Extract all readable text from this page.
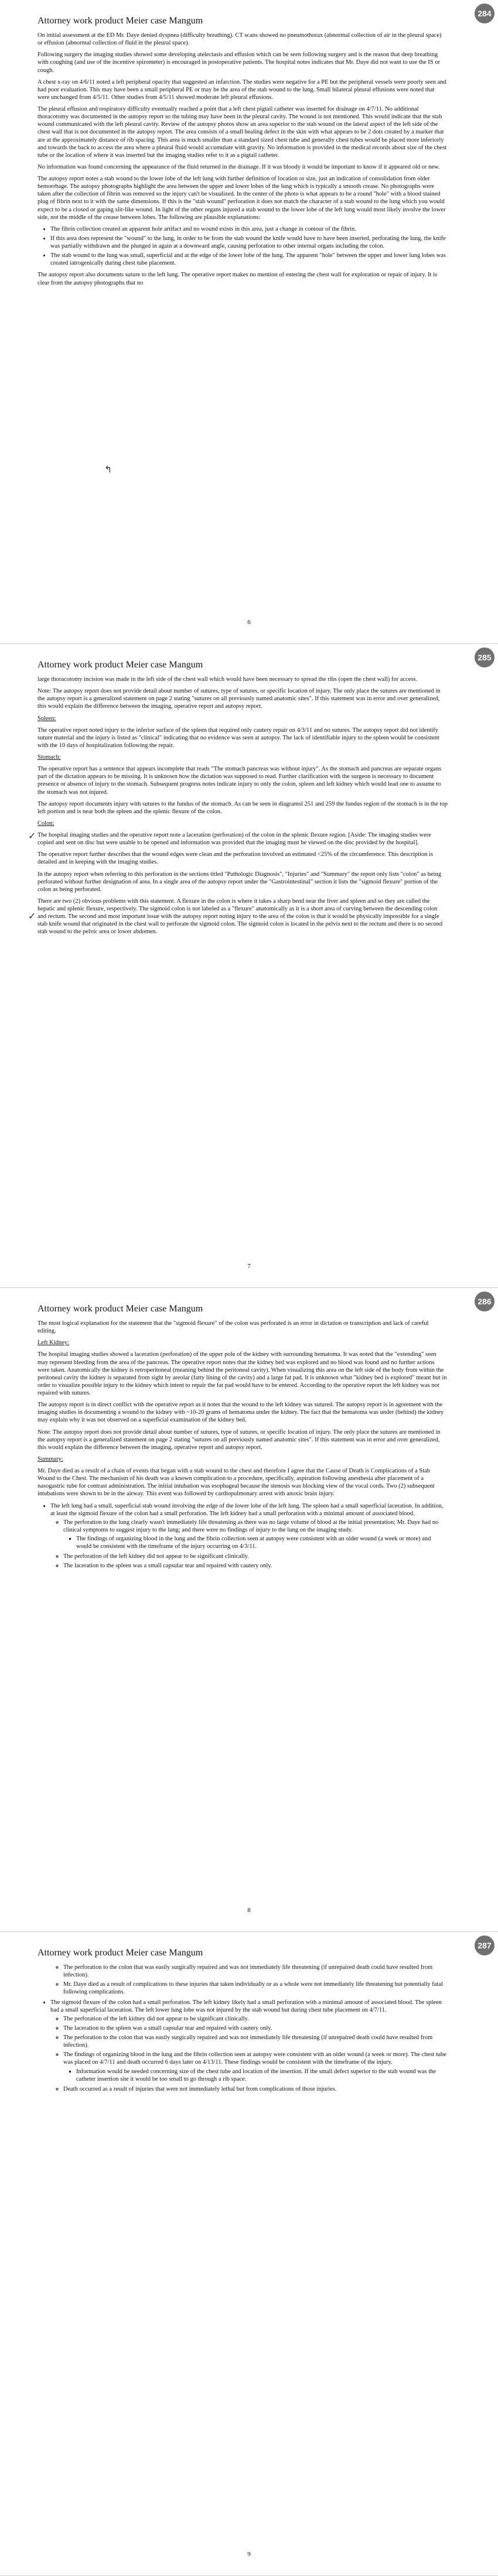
284
Attorney work product Meier case Mangum

On initial assessment at the ED Mr. Daye denied dyspnea (difficulty breathing). CT scans showed no pneumothorax (abnormal collection of air in the pleural space) or effusion (abnormal collection of fluid in the pleural space).

Following surgery the imaging studies showed some developing atelectasis and effusion which can be seen following surgery and is the reason that deep breathing with coughing (and use of the incentive spirometer) is encouraged in postoperative patients. The hospital notes indicates that Mr. Daye did not want to use the IS or cough.

A chest x-ray on 4/6/11 noted a left peripheral opacity that suggested an infarction. The studies were negative for a PE but the peripheral vessels were poorly seen and had poor evaluation. This may have been a small peripheral PE or may be the area of the stab wound to the lung. Small bilateral pleural effusions were noted that were unchanged from 4/5/11. Other studies from 4/5/11 showed moderate left pleural effusions.

The pleural effusion and respiratory difficulty eventually reached a point that a left chest pigtail catheter was inserted for drainage on 4/7/11. No additional thoracotomy was documented in the autopsy report so the tubing may have been in the pleural cavity. The wound is not mentioned. This would indicate that the stab wound communicated with the left pleural cavity. Review of the autopsy photos show an area superior to the stab wound on the lateral aspect of the left side of the chest wall that is not documented in the autopsy report. The area consists of a small healing defect in the skin with what appears to be 2 dots created by a marker that are at the approximately distance of rib spacing. This area is much smaller than a standard sized chest tube and generally chest tubes would be placed more inferiorly and towards the back to access the area where a pleural fluid would accumulate with gravity. No information is provided in the medical records about size of the chest tube or the location of where it was inserted but the imaging studies refer to it as a pigtail catheter.

No information was found concerning the appearance of the fluid returned in the drainage. If it was bloody it would be important to know if it appeared old or new.

The autopsy report notes a stab wound to the lower lobe of the left lung with further definition of location or size, just an indication of consolidation from older hemorrhage. The autopsy photographs highlight the area between the upper and lower lobes of the lung which is typically a smooth crease. No photographs were taken after the collection of fibrin was removed so the injury can't be visualized. In the center of the photo is what appears to be a round "hole" with a blood stained plug of fibrin next to it with the same dimensions. If this is the "stab wound" perforation it does not match the character of a stab wound to the lung which you would expect to be a closed or gaping slit-like wound. In light of the other organs injured a stab wound to the lower lobe of the left lung would most likely involve the lower side, not the middle of the crease between lobes. The following are plausible explanations:

• The fibrin collection created an apparent hole artifact and no wound exists in this area, just a change in contour of the fibrin.
• If this area does represent the "wound" to the lung, in order to be from the stab wound the knife would have to have been inserted, perforating the lung, the knife was partially withdrawn and the plunged in again at a downward angle, causing perforation to other internal organs including the colon.
• The stab wound to the lung was small, superficial and at the edge of the lower lobe of the lung. The apparent "hole" between the upper and lower lung lobes was created iatrogenically during chest tube placement.

The autopsy report also documents suture to the left lung. The operative report makes no mention of entering the chest wall for exploration or repair of injury. It is clear from the autopsy photographs that no

6
↰
285
Attorney work product Meier case Mangum

large thoracotomy incision was made in the left side of the chest wall which would have been necessary to spread the ribs (open the chest wall) for access.

Note: The autopsy report does not provide detail about number of sutures, type of sutures, or specific location of injury. The only place the sutures are mentioned in the autopsy report is a generalized statement on page 2 stating "sutures on all previously named anatomic sites". If this statement was in error and over generalized, this would explain the difference between the imaging, operative report and autopsy report.

Spleen:

The operative report noted injury to the inferior surface of the spleen that required only cautery repair on 4/3/11 and no sutures. The autopsy report did not identify suture material and the injury is listed as "clinical" indicating that no evidence was seen at autopsy. The lack of identifiable injury to the spleen would be consistent with the 10 days of hospitalization following the repair.

Stomach:

The operative report has a sentence that appears incomplete that reads "The stomach pancreas was without injury". As the stomach and pancreas are separate organs part of the dictation appears to be missing. It is unknown how the dictation was supposed to read. Further clarification with the surgeon is necessary to document presence or absence of injury to the stomach. Subsequent progress notes indicate injury to only the colon, spleen and left kidney which would lead one to assume to the stomach was not injured.

The autopsy report documents injury with sutures to the fundus of the stomach. As can be seen in diagramsl 251 and 259 the fundus region of the stomach is in the top left portion and is near both the spleen and the splenic flexure of the colon.

Colon:

The hospital imaging studies and the operative report note a laceration (perforation) of the colon in the splenic flexure region. [Aside: The imaging studies were copied and sent on disc but were unable to be opened and information was provided that the imaging must be viewed on the disc provided by the hospital].

The operative report further describes that the wound edges were clean and the perforation involved an estimated <25% of the circumference. This description is detailed and in keeping with the imaging studies.

In the autopsy report when referring to this perforation in the sections titled "Pathologic Diagnosis", "Injuries" and "Summary" the report only lists "colon" as being perforated without further designation of area. In a single area of the autopsy report under the "Gastrointestinal" section it lists the "sigmoid flexure" portion of the colon as being perforated.

There are two (2) obvious problems with this statement. A flexure in the colon is where it takes a sharp bend near the liver and spleen and so they are called the hepatic and splenic flexure, respectively. The sigmoid colon is not labeled as a "flexure" anatomically as it is a short area of curving between the descending colon and rectum. The second and most important issue with the autopsy report noting injury to the area of the colon is that it would be physically impossible for a single stab knife wound that originated in the chest wall to perforate the sigmoid colon. The sigmoid colon is located in the pelvis next to the rectum and there is no second stab wound to the pelvic area or lower abdomen.

7
✓
✓
286
Attorney work product Meier case Mangum

The most logical explanation for the statement that the "sigmoid flexure" of the colon was perforated is an error in dictation or transcription and lack of careful editing.

Left Kidney:

The hospital imaging studies showed a laceration (perforation) of the upper pole of the kidney with surrounding hematoma. It was noted that the "extending" seen may represent bleeding from the area of the pancreas. The operative report notes that the kidney bed was explored and no blood was found and no further actions were taken. Anatomically the kidney is retroperitoneal (meaning behind the peritoneal cavity). When visualizing this area on the left side of the body from within the peritoneal cavity the kidney is separated from sight by areolar (fatty lining of the cavity) and a large fat pad. It is unknown what "kidney bed is explored" meant but in order to visualize possible injury to the kidney which intent to repair the fat pad would have to be entered. According to the operative report the left kidney was not repaired with sutures.

The autopsy report is in direct conflict with the operative report as it notes that the wound to the left kidney was sutured. The autopsy report is in agreement with the imaging studies in documenting a wound to the kidney with ~10-20 grams of hematoma under the kidney. The fact that the hematoma was under (behind) the kidney may explain why it was not observed on a superficial examination of the kidney bed.

Note: The autopsy report does not provide detail about number of sutures, type of sutures, or specific location of injury. The only place the sutures are mentioned in the autopsy report is a generalized statement on page 2 stating "sutures on all previously named anatomic sites". If this statement was in error and over generalized, this would explain the difference between the imaging, operative report and autopsy report.

Summary:

Mr. Daye died as a result of a chain of events that began with a stab wound to the chest and therefore I agree that the Cause of Death is Complications of a Stab Wound to the Chest. The mechanism of his death was a known complication to a procedure, specifically, aspiration following anesthesia after placement of a nasogastric tube for contrast administration. The initial intubation was esophageal because the stenosis was blocking view of the vocal cords. Two (2) subsequent intubations were shown to be in the airway. This event was followed by cardiopulmonary arrest with anoxic brain injury.

• The left lung had a small, superficial stab wound involving the edge of the lower lobe of the left lung. The spleen had a small superficial laceration. In addition, at least the sigmoid flexure of the colon had a small perforation. The left kidney had a small perforation with a minimal amount of associated blood.
◦ The perforation to the lung clearly wasn't immediately life threatening as there was no large volume of blood at the initial presentation; Mr. Daye had no clinical symptoms to suggest injury to the lung; and there were no findings of injury to the lung on the imaging study.
▪ The findings of organizing blood in the lung and the fibrin collection seen at autopsy were consistent with an older wound (a week or more) and would be consistent with the timeframe of the injury occurring on 4/3/11.
◦ The perforation of the left kidney did not appear to be significant clinically.
◦ The laceration to the spleen was a small capsular tear and repaired with cautery only.
8
287
Attorney work product Meier case Mangum
◦ The perforation to the colon that was easily surgically repaired and was not immediately life threatening (if unrepaired death could have resulted from infection).
◦ Mr. Daye died as a result of complications to these injuries that taken individually or as a whole were not immediately life threatening but potentially fatal following complications.
• The sigmoid flexure of the colon had a small perforation. The left kidney likely had a small perforation with a minimal amount of associated blood. The spleen had a small superficial laceration. The left lower lung lobe was not injured by the stab wound but during chest tube placement on 4/7/11.
◦ The perforation of the left kidney did not appear to be significant clinically.
◦ The laceration to the spleen was a small capsular tear and repaired with cautery only.
◦ The perforation to the colon that was easily surgically repaired and was not immediately life threatening (if unrepaired death could have resulted from infection).
◦ The findings of organizing blood in the lung and the fibrin collection seen at autopsy were consistent with an older wound (a week or more). The chest tube was placed on 4/7/11 and death occurred 6 days later on 4/13/11. These findings would be consistent with the timeframe of the injury.
▪ Information would be needed concerning size of the chest tube and location of the insertion. If the small defect superior to the stab wound was the catheter insertion site it would be too small to go through a rib space.
◦ Death occurred as a result of injuries that were not immediately lethal but from complications of those injuries.
9
